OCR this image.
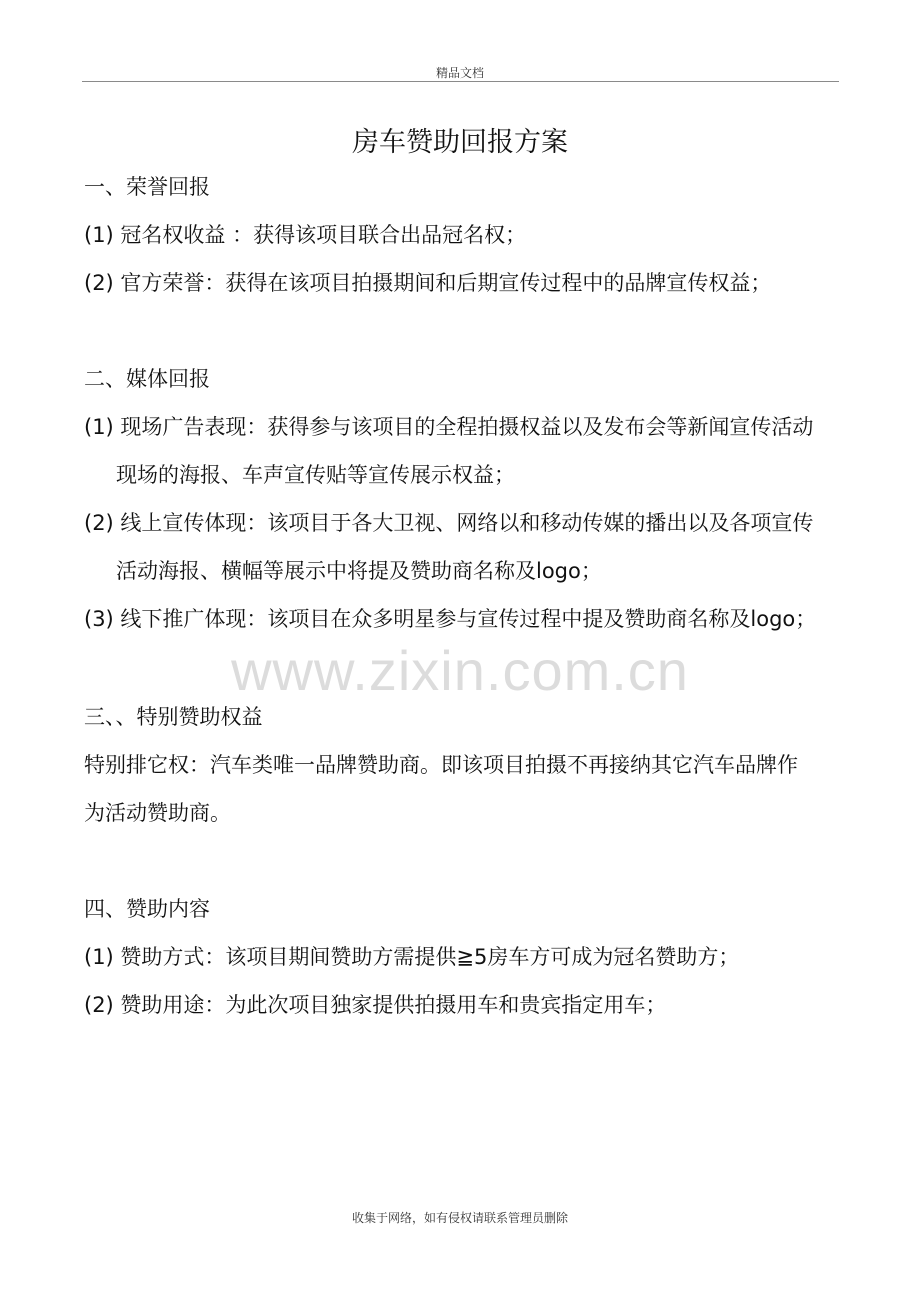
精品文档
房车赞助回报方案
一、荣誉回报
(1) 冠名权收益 ：获得该项目联合出品冠名权；
(2) 官方荣誉：获得在该项目拍摄期间和后期宣传过程中的品牌宣传权益；
二、媒体回报
(1) 现场广告表现：获得参与该项目的全程拍摄权益以及发布会等新闻宣传活动
现场的海报、车声宣传贴等宣传展示权益；
(2) 线上宣传体现：该项目于各大卫视、网络以和移动传媒的播出以及各项宣传
活动海报、横幅等展示中将提及赞助商名称及logo；
(3) 线下推广体现：该项目在众多明星参与宣传过程中提及赞助商名称及logo；
www.zixin.com.cn
三、、特别赞助权益
特别排它权：汽车类唯一品牌赞助商。即该项目拍摄不再接纳其它汽车品牌作
为活动赞助商。
四、赞助内容
(1) 赞助方式：该项目期间赞助方需提供≧5房车方可成为冠名赞助方；
(2) 赞助用途：为此次项目独家提供拍摄用车和贵宾指定用车；
收集于网络，如有侵权请联系管理员删除
